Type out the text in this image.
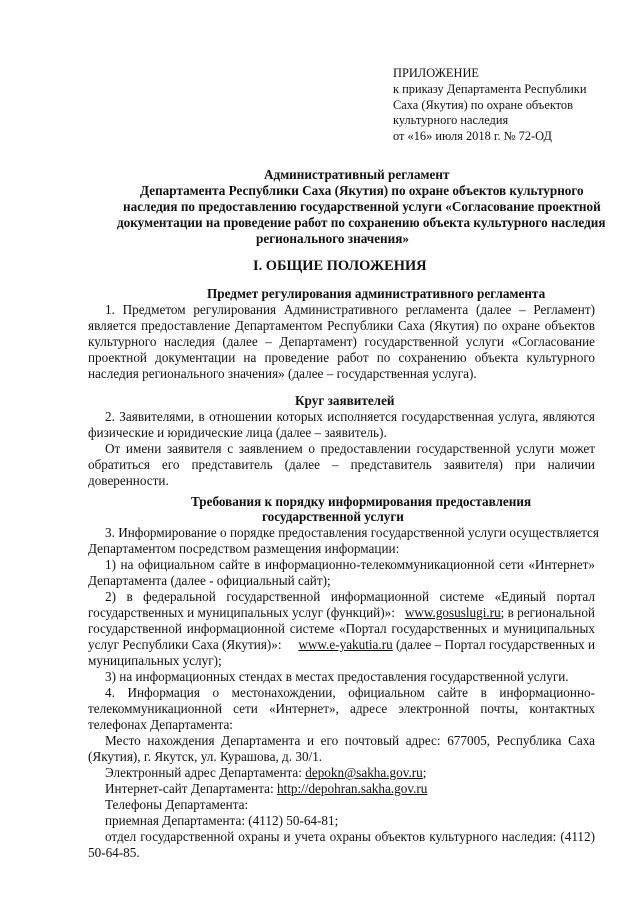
ПРИЛОЖЕНИЕ
к приказу Департамента Республики
Саха (Якутия) по охране объектов
культурного наследия
от «16» июля 2018 г. № 72-ОД
Административный регламент
Департамента Республики Саха (Якутия) по охране объектов культурного
наследия по предоставлению государственной услуги «Согласование проектной
документации на проведение работ по сохранению объекта культурного наследия
регионального значения»
I. ОБЩИЕ ПОЛОЖЕНИЯ
Предмет регулирования административного регламента
1. Предметом регулирования Административного регламента (далее – Регламент)
является предоставление Департаментом Республики Саха (Якутия) по охране объектов
культурного наследия (далее – Департамент) государственной услуги «Согласование
проектной документации на проведение работ по сохранению объекта культурного
наследия регионального значения» (далее – государственная услуга).
Круг заявителей
2. Заявителями, в отношении которых исполняется государственная услуга, являются
физические и юридические лица (далее – заявитель).
От имени заявителя с заявлением о предоставлении государственной услуги может
обратиться его представитель (далее – представитель заявителя) при наличии
доверенности.
Требования к порядку информирования предоставления
государственной услуги
3. Информирование о порядке предоставления государственной услуги осуществляется
Департаментом посредством размещения информации:
1) на официальном сайте в информационно-телекоммуникационной сети «Интернет»
Департамента (далее - официальный сайт);
2) в федеральной государственной информационной системе «Единый портал
государственных и муниципальных услуг (функций)»: www.gosuslugi.ru; в региональной
государственной информационной системе «Портал государственных и муниципальных
услуг Республики Саха (Якутия)»: www.e-yakutia.ru (далее – Портал государственных и
муниципальных услуг);
3) на информационных стендах в местах предоставления государственной услуги.
4. Информация о местонахождении, официальном сайте в информационно-
телекоммуникационной сети «Интернет», адресе электронной почты, контактных
телефонах Департамента:
Место нахождения Департамента и его почтовый адрес: 677005, Республика Саха
(Якутия), г. Якутск, ул. Курашова, д. 30/1.
Электронный адрес Департамента: depokn@sakha.gov.ru;
Интернет-сайт Департамента: http://depohran.sakha.gov.ru
Телефоны Департамента:
приемная Департамента: (4112) 50-64-81;
отдел государственной охраны и учета охраны объектов культурного наследия: (4112)
50-64-85.
